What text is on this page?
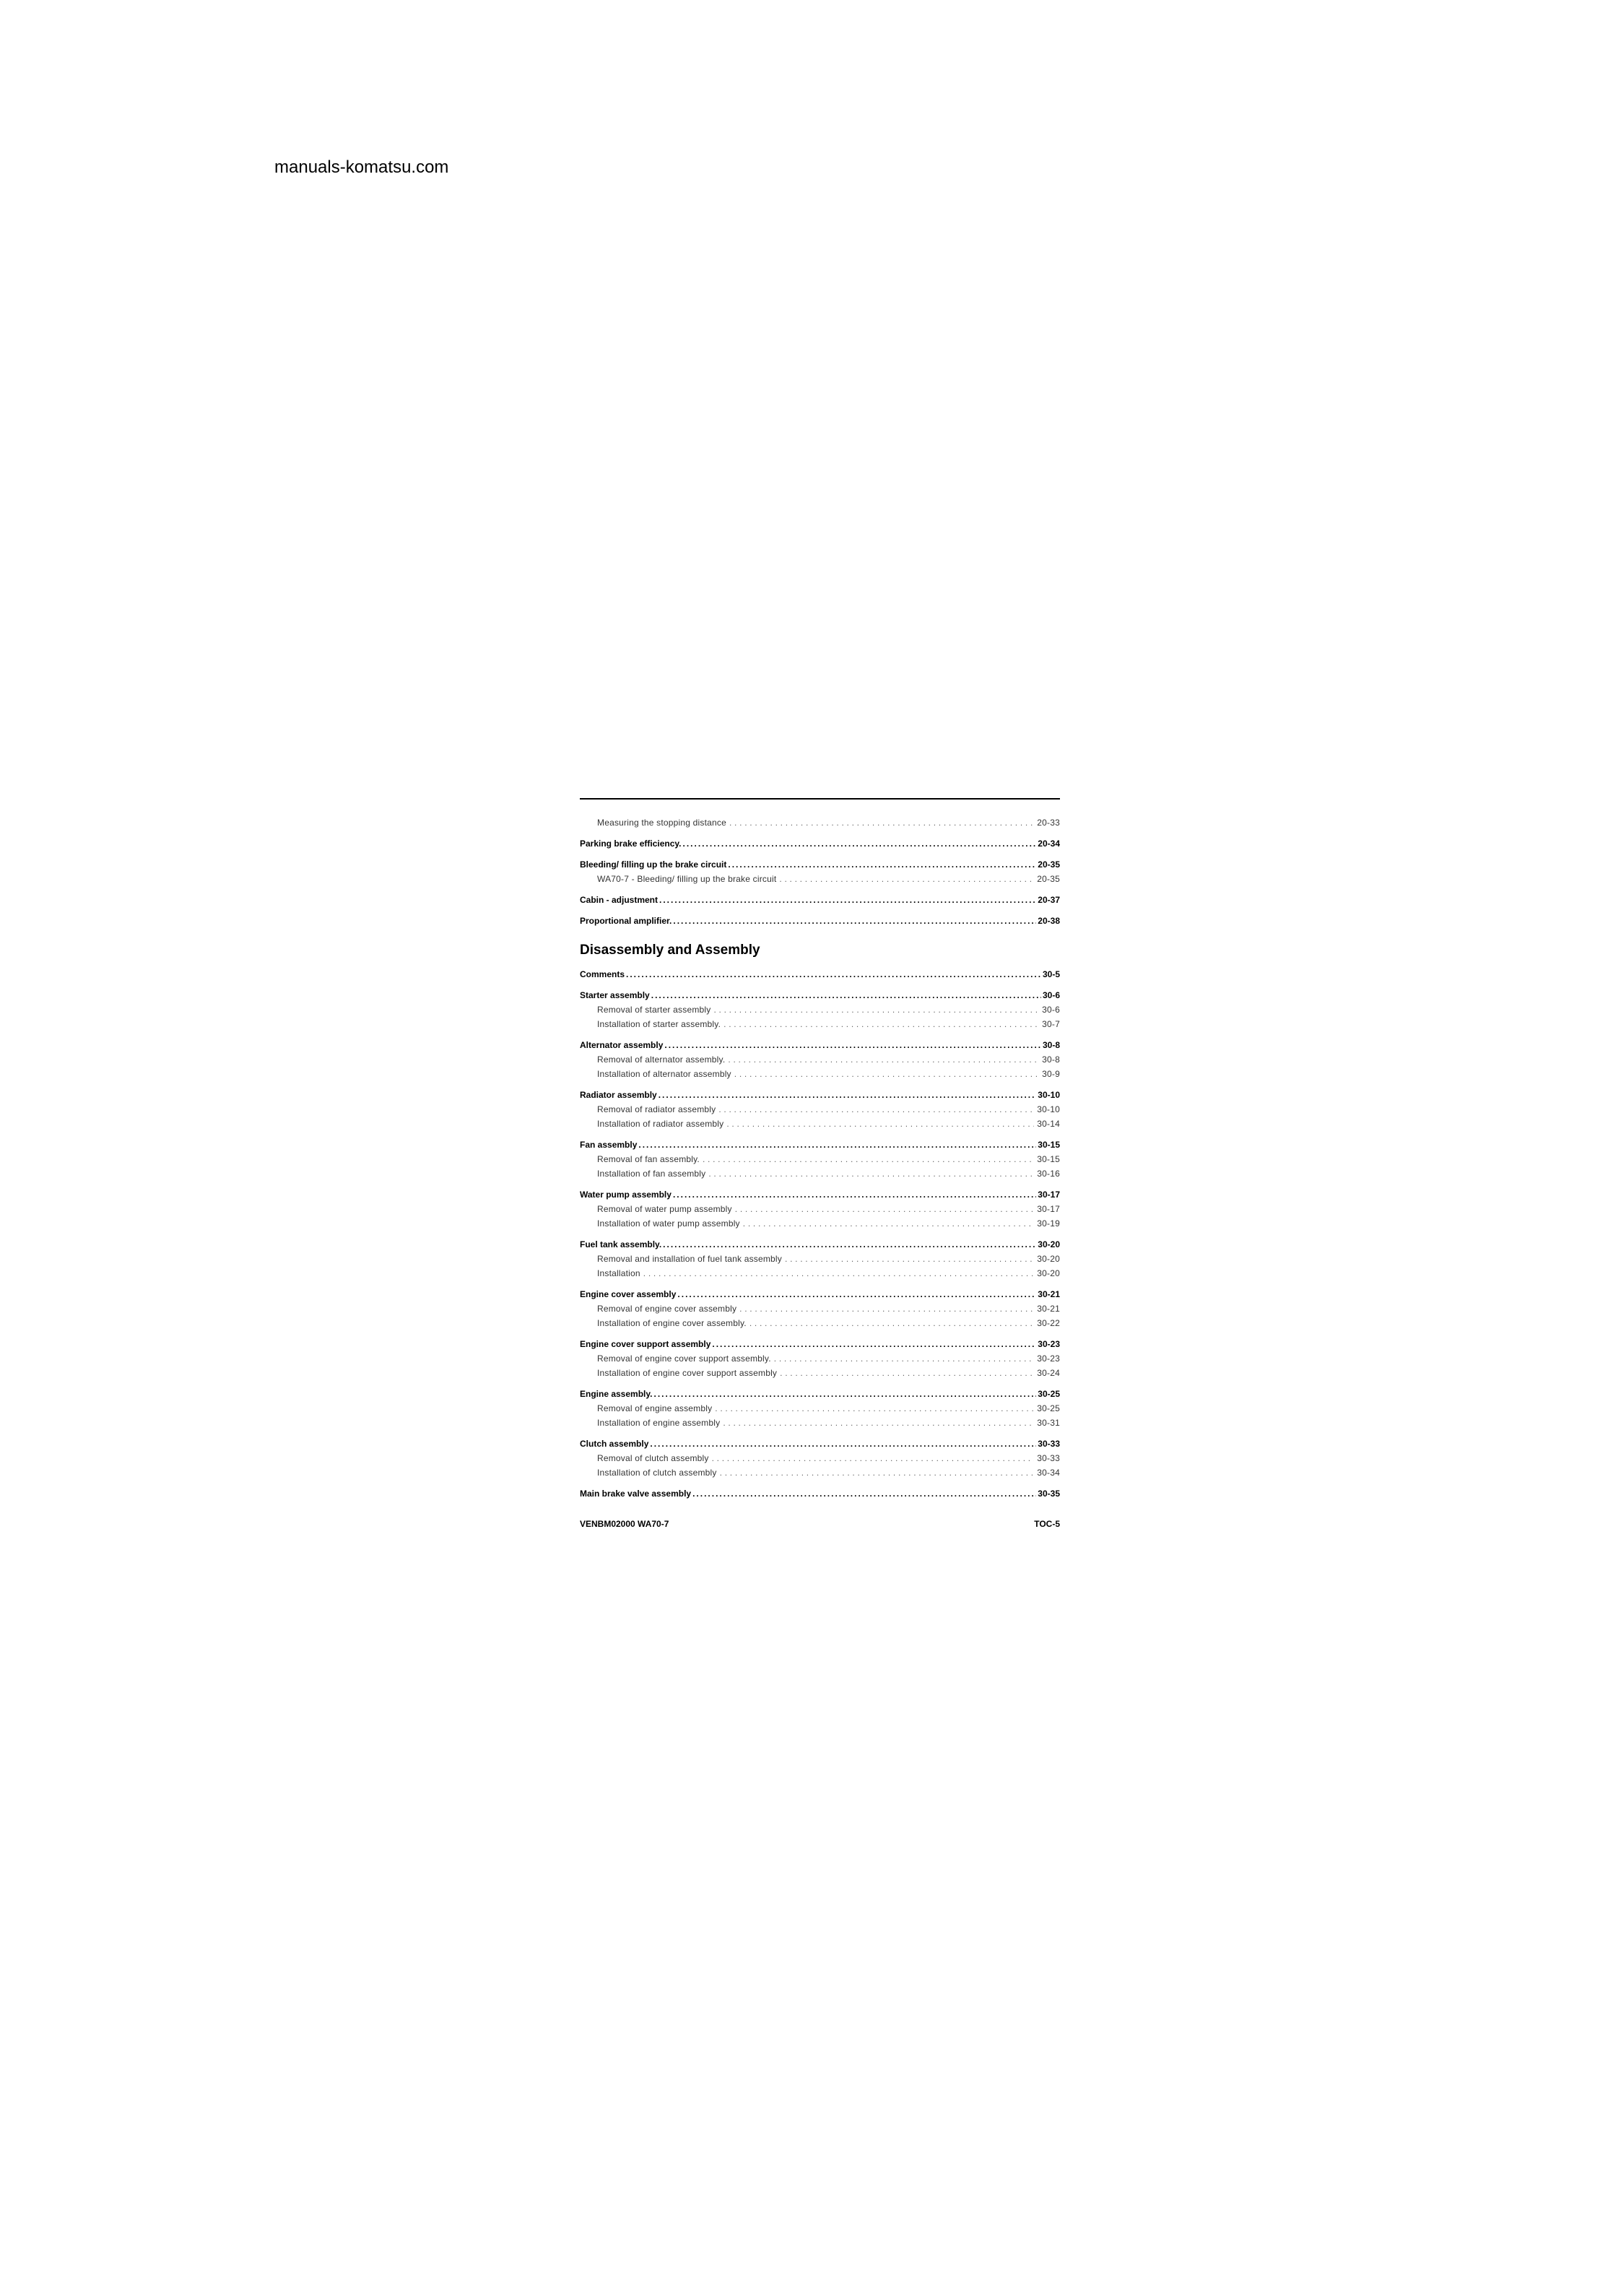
manuals-komatsu.com
Measuring the stopping distance . . .	20-33
Parking brake efficiency. .....	20-34
Bleeding/ filling up the brake circuit .....	20-35
WA70-7 - Bleeding/ filling up the brake circuit . . .	20-35
Cabin - adjustment .....	20-37
Proportional amplifier. .....	20-38
Disassembly and Assembly
Comments .....	30-5
Starter assembly .....	30-6
Removal of starter assembly . . .	30-6
Installation of starter assembly. . . .	30-7
Alternator assembly .....	30-8
Removal of alternator assembly. . . .	30-8
Installation of alternator assembly . . .	30-9
Radiator assembly .....	30-10
Removal of radiator assembly . . .	30-10
Installation of radiator assembly . . .	30-14
Fan assembly .....	30-15
Removal of fan assembly. . . .	30-15
Installation of fan assembly . . .	30-16
Water pump assembly .....	30-17
Removal of water pump assembly . . .	30-17
Installation of water pump assembly . . .	30-19
Fuel tank assembly. .....	30-20
Removal and installation of fuel tank assembly . . .	30-20
Installation . . .	30-20
Engine cover assembly .....	30-21
Removal of engine cover assembly . . .	30-21
Installation of engine cover assembly. . . .	30-22
Engine cover support assembly .....	30-23
Removal of engine cover support assembly. . . .	30-23
Installation of engine cover support assembly . . .	30-24
Engine assembly. .....	30-25
Removal of engine assembly . . .	30-25
Installation of engine assembly . . .	30-31
Clutch assembly .....	30-33
Removal of clutch assembly . . .	30-33
Installation of clutch assembly . . .	30-34
Main brake valve assembly .....	30-35
VENBM02000 WA70-7	TOC-5
